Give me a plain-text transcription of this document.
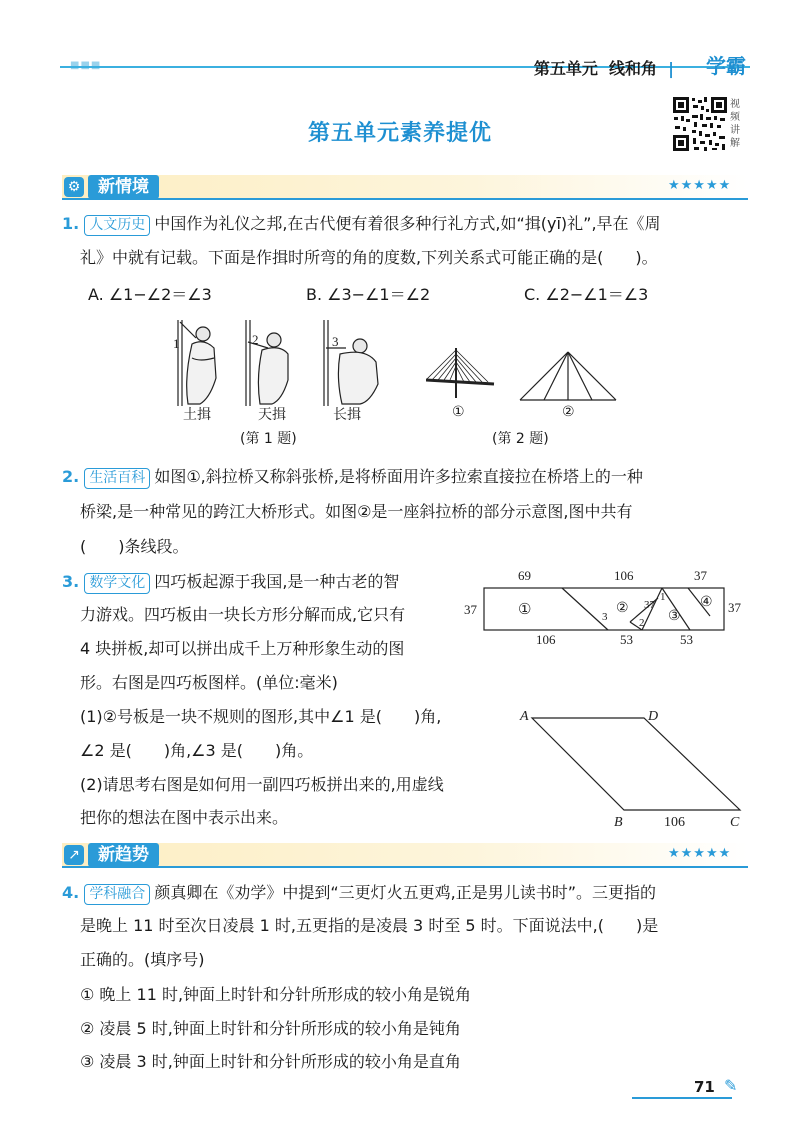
第五单元 线和角 |	学霸
第五单元素养提优
视频讲解
⚙	新情境	★★★★★
1. 人文历史 中国作为礼仪之邦,在古代便有着很多种行礼方式,如“揖(yī)礼”,早在《周
礼》中就有记载。下面是作揖时所弯的角的度数,下列关系式可能正确的是(　　)。
A. ∠1−∠2＝∠3	B. ∠3−∠1＝∠2	C. ∠2−∠1＝∠3
1	2	3
土揖	天揖	长揖
(第 1 题)
①	②
(第 2 题)
2. 生活百科 如图①,斜拉桥又称斜张桥,是将桥面用许多拉索直接拉在桥塔上的一种
桥梁,是一种常见的跨江大桥形式。如图②是一座斜拉桥的部分示意图,图中共有
(　　)条线段。
3. 数学文化 四巧板起源于我国,是一种古老的智
力游戏。四巧板由一块长方形分解而成,它只有
4 块拼板,却可以拼出成千上万种形象生动的图
形。右图是四巧板图样。(单位:毫米)
(1)②号板是一块不规则的图形,其中∠1 是(　　)角,
∠2 是(　　)角,∠3 是(　　)角。
(2)请思考右图是如何用一副四巧板拼出来的,用虚线
把你的想法在图中表示出来。
69	106	37
106	53	53
37	37
①	②
③
④
1
2
3
37
A	D
B	C
106
↗	新趋势	★★★★★
4. 学科融合 颜真卿在《劝学》中提到“三更灯火五更鸡,正是男儿读书时”。三更指的
是晚上 11 时至次日凌晨 1 时,五更指的是凌晨 3 时至 5 时。下面说法中,(　　)是
正确的。(填序号)
① 晚上 11 时,钟面上时针和分针所形成的较小角是锐角
② 凌晨 5 时,钟面上时针和分针所形成的较小角是钝角
③ 凌晨 3 时,钟面上时针和分针所形成的较小角是直角
71 ✎
